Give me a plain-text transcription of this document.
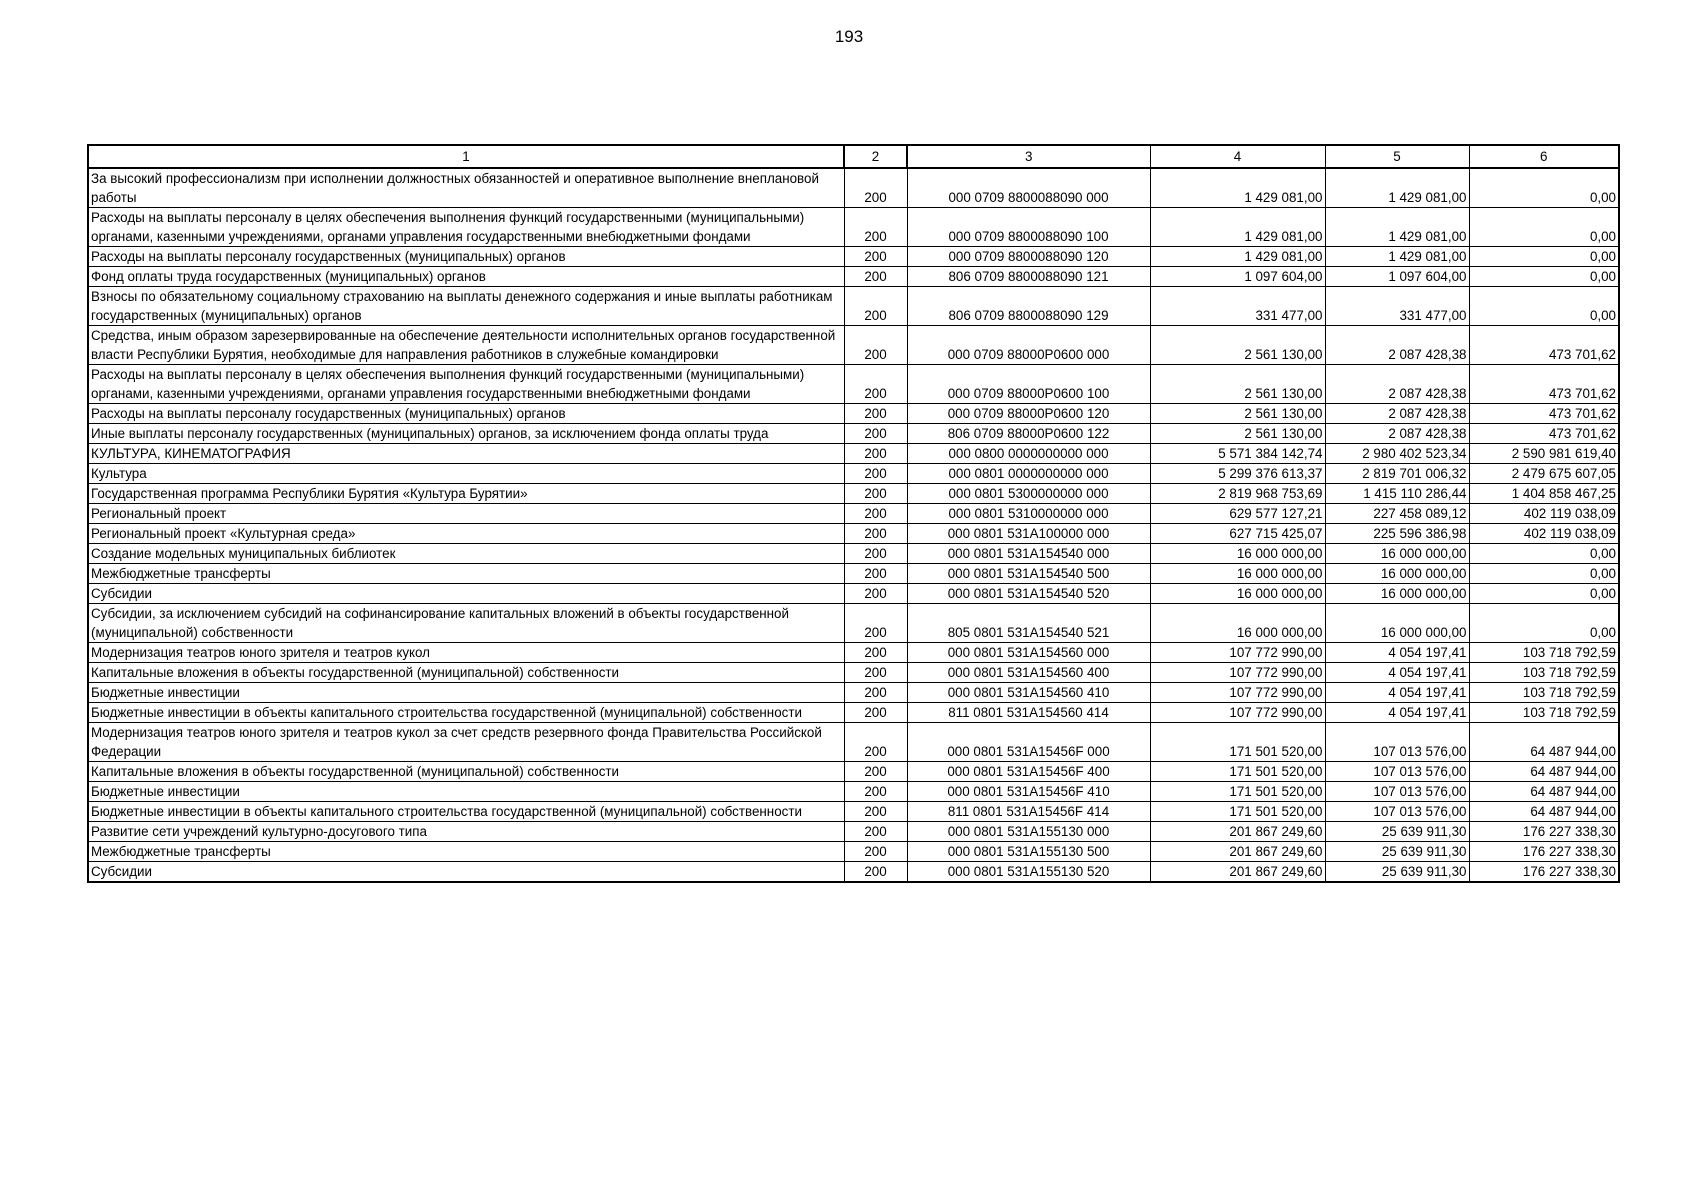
193
1	2	3	4	5	6
За высокий профессионализм при исполнении должностных обязанностей и оперативное выполнение внеплановой работы	200	000 0709 8800088090 000	1 429 081,00	1 429 081,00	0,00
Расходы на выплаты персоналу в целях обеспечения выполнения функций государственными (муниципальными) органами, казенными учреждениями, органами управления государственными внебюджетными фондами	200	000 0709 8800088090 100	1 429 081,00	1 429 081,00	0,00
Расходы на выплаты персоналу государственных (муниципальных) органов	200	000 0709 8800088090 120	1 429 081,00	1 429 081,00	0,00
Фонд оплаты труда государственных (муниципальных) органов	200	806 0709 8800088090 121	1 097 604,00	1 097 604,00	0,00
Взносы по обязательному социальному страхованию на выплаты денежного содержания и иные выплаты работникам государственных (муниципальных) органов	200	806 0709 8800088090 129	331 477,00	331 477,00	0,00
Средства, иным образом зарезервированные на обеспечение деятельности исполнительных органов государственной власти Республики Бурятия, необходимые для направления работников в служебные командировки	200	000 0709 88000P0600 000	2 561 130,00	2 087 428,38	473 701,62
Расходы на выплаты персоналу в целях обеспечения выполнения функций государственными (муниципальными) органами, казенными учреждениями, органами управления государственными внебюджетными фондами	200	000 0709 88000P0600 100	2 561 130,00	2 087 428,38	473 701,62
Расходы на выплаты персоналу государственных (муниципальных) органов	200	000 0709 88000P0600 120	2 561 130,00	2 087 428,38	473 701,62
Иные выплаты персоналу государственных (муниципальных) органов, за исключением фонда оплаты труда	200	806 0709 88000P0600 122	2 561 130,00	2 087 428,38	473 701,62
КУЛЬТУРА, КИНЕМАТОГРАФИЯ	200	000 0800 0000000000 000	5 571 384 142,74	2 980 402 523,34	2 590 981 619,40
Культура	200	000 0801 0000000000 000	5 299 376 613,37	2 819 701 006,32	2 479 675 607,05
Государственная программа Республики Бурятия «Культура Бурятии»	200	000 0801 5300000000 000	2 819 968 753,69	1 415 110 286,44	1 404 858 467,25
Региональный проект	200	000 0801 5310000000 000	629 577 127,21	227 458 089,12	402 119 038,09
Региональный проект «Культурная среда»	200	000 0801 531A100000 000	627 715 425,07	225 596 386,98	402 119 038,09
Создание модельных муниципальных библиотек	200	000 0801 531A154540 000	16 000 000,00	16 000 000,00	0,00
Межбюджетные трансферты	200	000 0801 531A154540 500	16 000 000,00	16 000 000,00	0,00
Субсидии	200	000 0801 531A154540 520	16 000 000,00	16 000 000,00	0,00
Субсидии, за исключением субсидий на софинансирование капитальных вложений в объекты государственной (муниципальной) собственности	200	805 0801 531A154540 521	16 000 000,00	16 000 000,00	0,00
Модернизация театров юного зрителя и театров кукол	200	000 0801 531A154560 000	107 772 990,00	4 054 197,41	103 718 792,59
Капитальные вложения в объекты государственной (муниципальной) собственности	200	000 0801 531A154560 400	107 772 990,00	4 054 197,41	103 718 792,59
Бюджетные инвестиции	200	000 0801 531A154560 410	107 772 990,00	4 054 197,41	103 718 792,59
Бюджетные инвестиции в объекты капитального строительства государственной (муниципальной) собственности	200	811 0801 531A154560 414	107 772 990,00	4 054 197,41	103 718 792,59
Модернизация театров юного зрителя и театров кукол за счет средств резервного фонда Правительства Российской Федерации	200	000 0801 531A15456F 000	171 501 520,00	107 013 576,00	64 487 944,00
Капитальные вложения в объекты государственной (муниципальной) собственности	200	000 0801 531A15456F 400	171 501 520,00	107 013 576,00	64 487 944,00
Бюджетные инвестиции	200	000 0801 531A15456F 410	171 501 520,00	107 013 576,00	64 487 944,00
Бюджетные инвестиции в объекты капитального строительства государственной (муниципальной) собственности	200	811 0801 531A15456F 414	171 501 520,00	107 013 576,00	64 487 944,00
Развитие сети учреждений культурно-досугового типа	200	000 0801 531A155130 000	201 867 249,60	25 639 911,30	176 227 338,30
Межбюджетные трансферты	200	000 0801 531A155130 500	201 867 249,60	25 639 911,30	176 227 338,30
Субсидии	200	000 0801 531A155130 520	201 867 249,60	25 639 911,30	176 227 338,30
